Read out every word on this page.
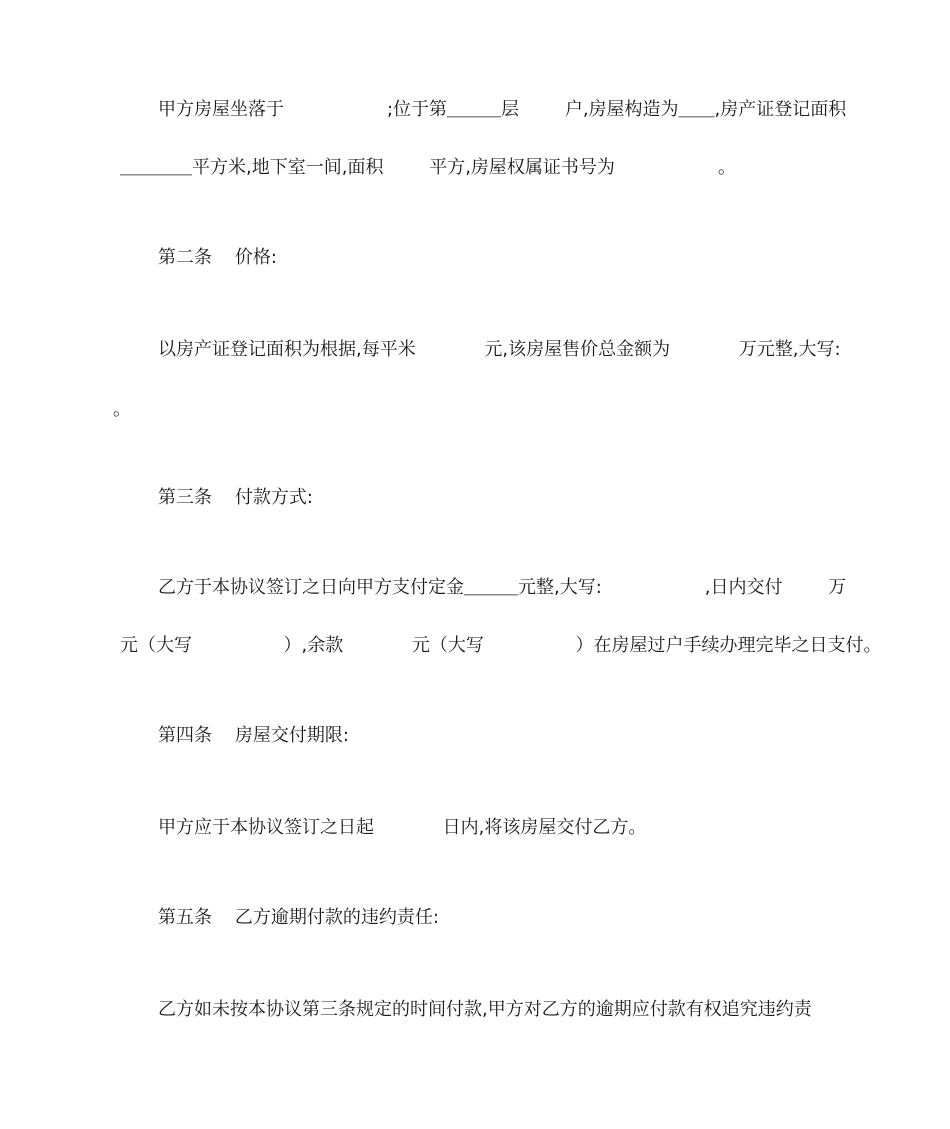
甲方房屋坐落于                  ;位于第＿＿＿层        户,房屋构造为＿＿,房产证登记面积

＿＿＿＿平方米,地下室一间,面积        平方,房屋权属证书号为                  。

第二条    价格:

以房产证登记面积为根据,每平米            元,该房屋售价总金额为            万元整,大写:

。

第三条    付款方式:

乙方于本协议签订之日向甲方支付定金＿＿＿元整,大写:                  ,日内交付        万

元（大写                ）,余款            元（大写                ）在房屋过户手续办理完毕之日支付。

第四条    房屋交付期限:

甲方应于本协议签订之日起            日内,将该房屋交付乙方。

第五条    乙方逾期付款的违约责任:

乙方如未按本协议第三条规定的时间付款,甲方对乙方的逾期应付款有权追究违约责
